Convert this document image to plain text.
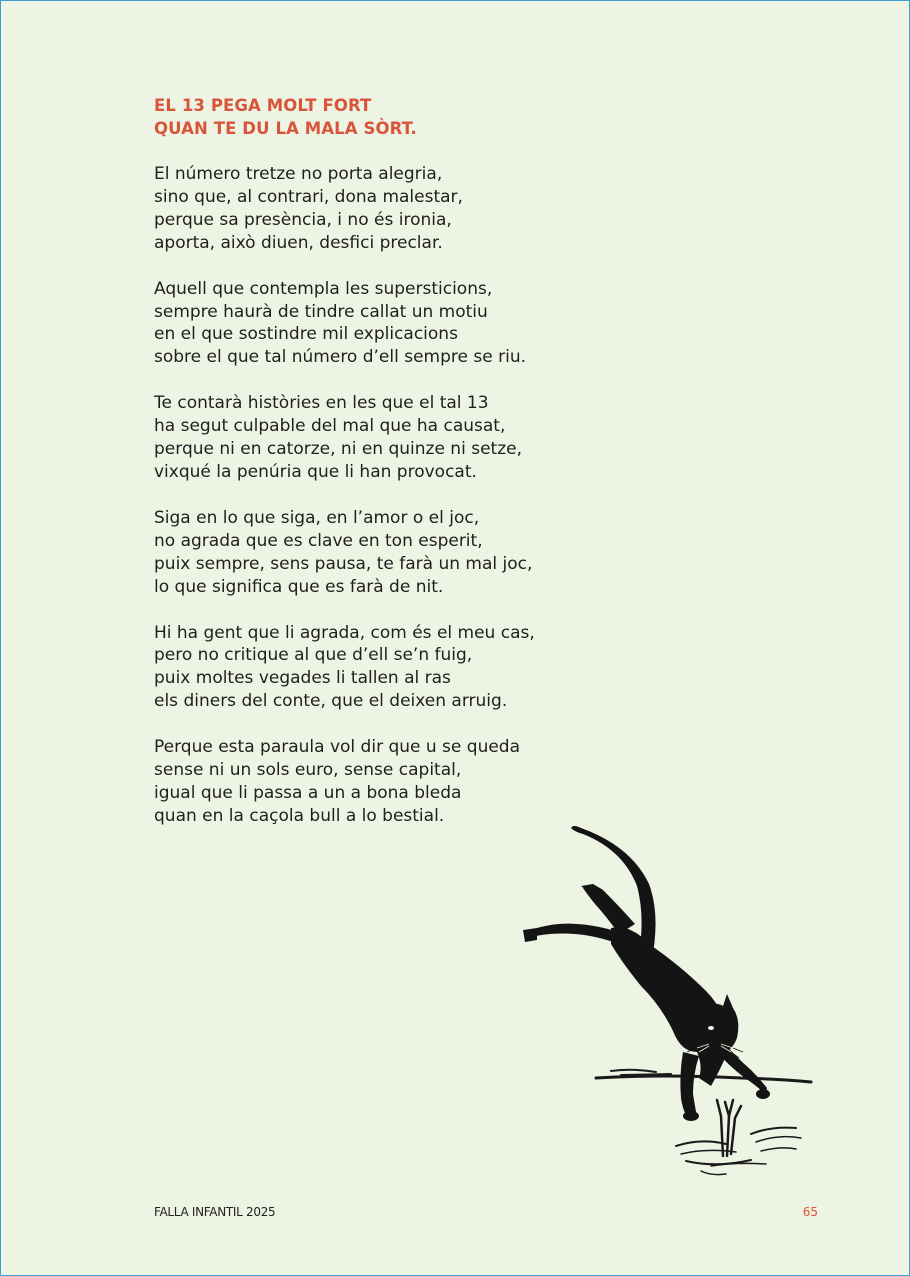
EL 13 PEGA MOLT FORT
QUAN TE DU LA MALA SÒRT.
El número tretze no porta alegria,
sino que, al contrari, dona malestar,
perque sa presència, i no és ironia,
aporta, això diuen, desfici preclar.
Aquell que contempla les supersticions,
sempre haurà de tindre callat un motiu
en el que sostindre mil explicacions
sobre el que tal número d’ell sempre se riu.
Te contarà històries en les que el tal 13
ha segut culpable del mal que ha causat,
perque ni en catorze, ni en quinze ni setze,
vixqué la penúria que li han provocat.
Siga en lo que siga, en l’amor o el joc,
no agrada que es clave en ton esperit,
puix sempre, sens pausa, te farà un mal joc,
lo que significa que es farà de nit.
Hi ha gent que li agrada, com és el meu cas,
pero no critique al que d’ell se’n fuig,
puix moltes vegades li tallen al ras
els diners del conte, que el deixen arruig.
Perque esta paraula vol dir que u se queda
sense ni un sols euro, sense capital,
igual que li passa a un a bona bleda
quan en la caçola bull a lo bestial.
FALLA INFANTIL 2025	65
